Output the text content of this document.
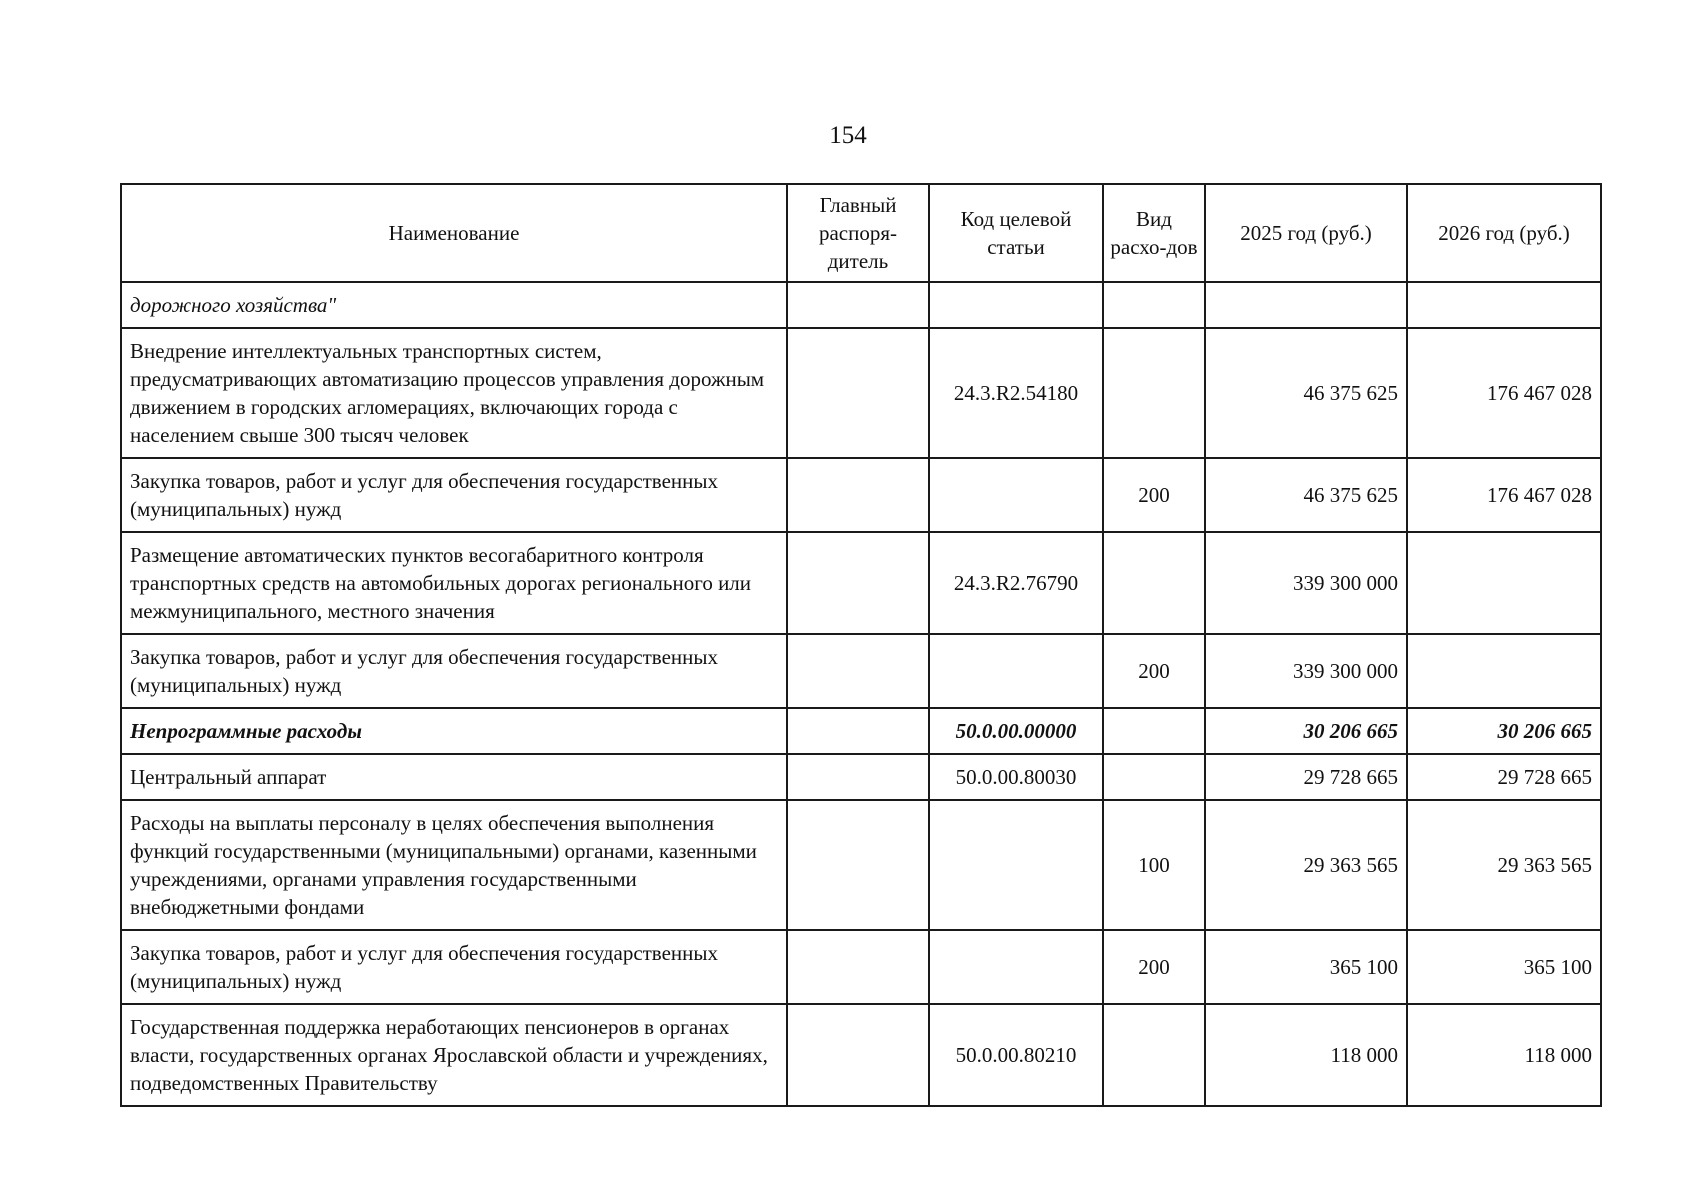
154
Наименование	Главный распоря-дитель	Код целевой статьи	Вид расхо-дов	2025 год (руб.)	2026 год (руб.)
дорожного хозяйства"					
Внедрение интеллектуальных транспортных систем, предусматривающих автоматизацию процессов управления дорожным движением в городских агломерациях, включающих города с населением свыше 300 тысяч человек		24.3.R2.54180		46 375 625	176 467 028
Закупка товаров, работ и услуг для обеспечения государственных (муниципальных) нужд			200	46 375 625	176 467 028
Размещение автоматических пунктов весогабаритного контроля транспортных средств на автомобильных дорогах регионального или межмуниципального, местного значения		24.3.R2.76790		339 300 000	
Закупка товаров, работ и услуг для обеспечения государственных (муниципальных) нужд			200	339 300 000	
Непрограммные расходы		50.0.00.00000		30 206 665	30 206 665
Центральный аппарат		50.0.00.80030		29 728 665	29 728 665
Расходы на выплаты персоналу в целях обеспечения выполнения функций государственными (муниципальными) органами, казенными учреждениями, органами управления государственными внебюджетными фондами			100	29 363 565	29 363 565
Закупка товаров, работ и услуг для обеспечения государственных (муниципальных) нужд			200	365 100	365 100
Государственная поддержка неработающих пенсионеров в органах власти, государственных органах Ярославской области и учреждениях, подведомственных Правительству		50.0.00.80210		118 000	118 000
